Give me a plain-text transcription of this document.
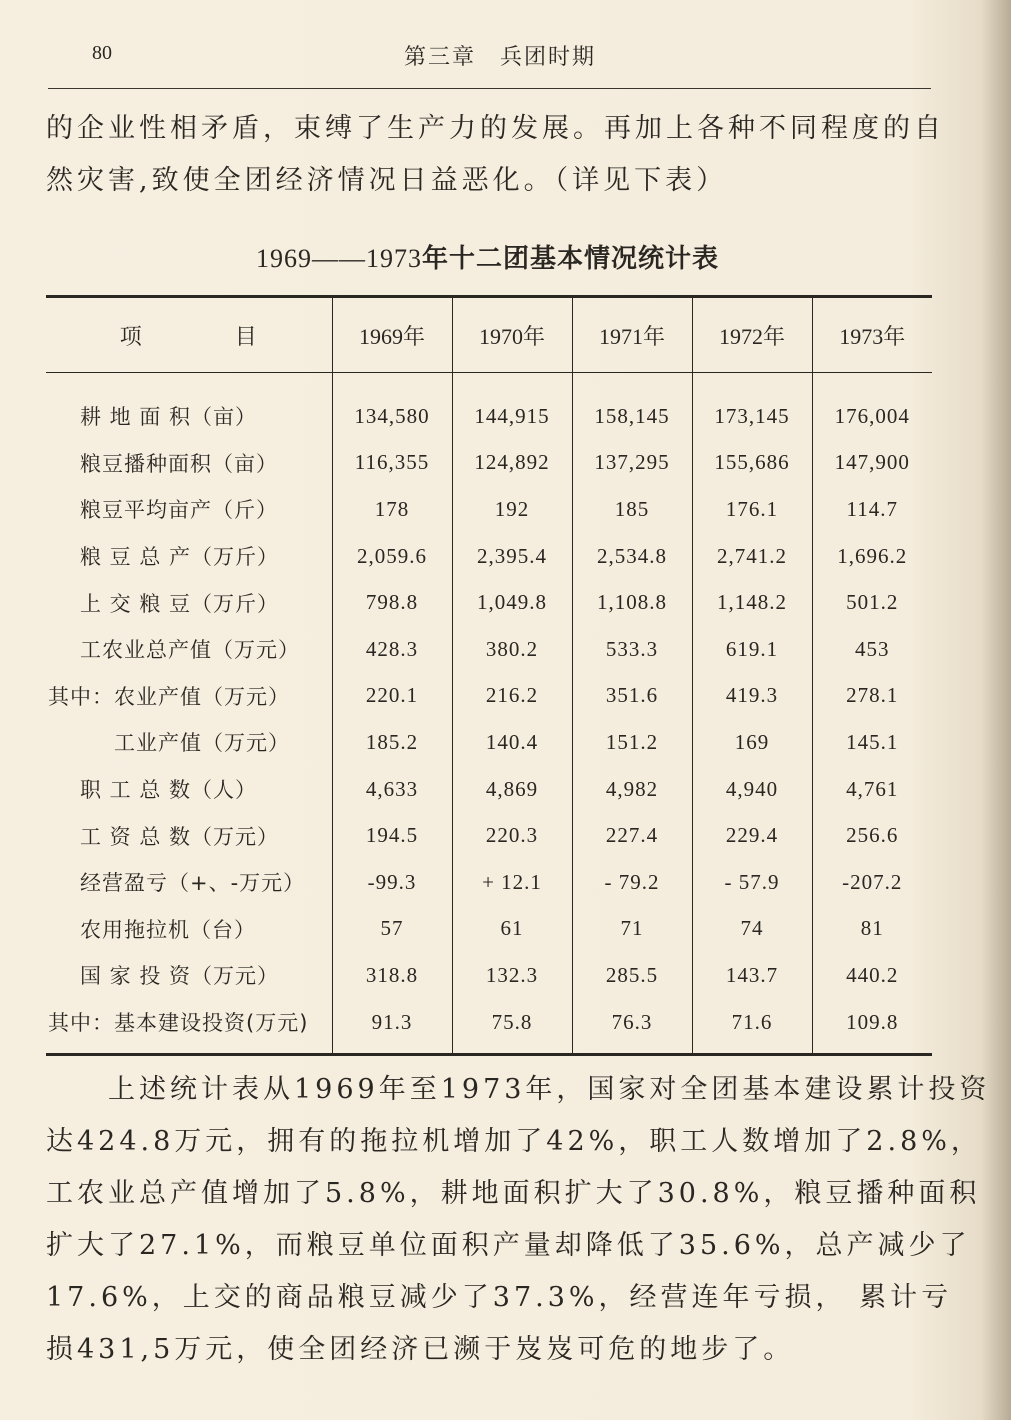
80	第三章　兵团时期
的企业性相矛盾，束缚了生产力的发展。再加上各种不同程度的自
然灾害,致使全团经济情况日益恶化。（详见下表）
1969——1973年十二团基本情况统计表
项 目	1969年	1970年	1971年	1972年	1973年
耕 地 面 积（亩）	134,580	144,915	158,145	173,145	176,004
粮豆播种面积（亩）	116,355	124,892	137,295	155,686	147,900
粮豆平均亩产（斤）	178	192	185	176.1	114.7
粮 豆 总 产（万斤）	2,059.6	2,395.4	2,534.8	2,741.2	1,696.2
上 交 粮 豆（万斤）	798.8	1,049.8	1,108.8	1,148.2	501.2
工农业总产值（万元）	428.3	380.2	533.3	619.1	453
其中：农业产值（万元）	220.1	216.2	351.6	419.3	278.1
工业产值（万元）	185.2	140.4	151.2	169	145.1
职 工 总 数（人）	4,633	4,869	4,982	4,940	4,761
工 资 总 数（万元）	194.5	220.3	227.4	229.4	256.6
经营盈亏（+、-万元）	-99.3	+ 12.1	- 79.2	- 57.9	-207.2
农用拖拉机（台）	57	61	71	74	81
国 家 投 资（万元）	318.8	132.3	285.5	143.7	440.2
其中：基本建设投资(万元)	91.3	75.8	76.3	71.6	109.8
　　上述统计表从1969年至1973年，国家对全团基本建设累计投资
达424.8万元，拥有的拖拉机增加了42%，职工人数增加了2.8%，
工农业总产值增加了5.8%，耕地面积扩大了30.8%，粮豆播种面积
扩大了27.1%，而粮豆单位面积产量却降低了35.6%，总产减少了
17.6%，上交的商品粮豆减少了37.3%，经营连年亏损， 累计亏
损431,5万元，使全团经济已濒于岌岌可危的地步了。
